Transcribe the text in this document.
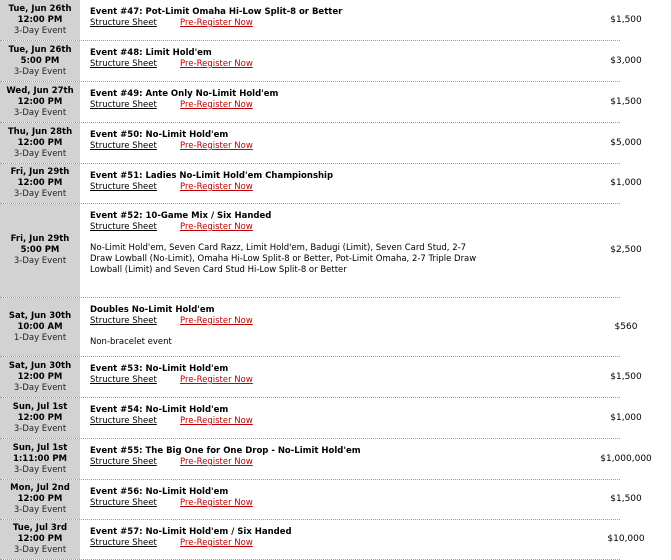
Tue, Jun 26th
12:00 PM
3-Day Event
Event #47: Pot-Limit Omaha Hi-Low Split-8 or Better
Structure Sheet	Pre-Register Now	$1,500
Tue, Jun 26th
5:00 PM
3-Day Event
Event #48: Limit Hold'em
Structure Sheet	Pre-Register Now	$3,000
Wed, Jun 27th
12:00 PM
3-Day Event
Event #49: Ante Only No-Limit Hold'em
Structure Sheet	Pre-Register Now	$1,500
Thu, Jun 28th
12:00 PM
3-Day Event
Event #50: No-Limit Hold'em
Structure Sheet	Pre-Register Now	$5,000
Fri, Jun 29th
12:00 PM
3-Day Event
Event #51: Ladies No-Limit Hold'em Championship
Structure Sheet	Pre-Register Now	$1,000
Fri, Jun 29th
5:00 PM
3-Day Event
Event #52: 10-Game Mix / Six Handed
Structure Sheet	Pre-Register Now
No-Limit Hold'em, Seven Card Razz, Limit Hold'em, Badugi (Limit), Seven Card Stud, 2-7 Draw Lowball (No-Limit), Omaha Hi-Low Split-8 or Better, Pot-Limit Omaha, 2-7 Triple Draw Lowball (Limit) and Seven Card Stud Hi-Low Split-8 or Better
$2,500
Sat, Jun 30th
10:00 AM
1-Day Event
Doubles No-Limit Hold'em
Structure Sheet	Pre-Register Now
Non-bracelet event
$560
Sat, Jun 30th
12:00 PM
3-Day Event
Event #53: No-Limit Hold'em
Structure Sheet	Pre-Register Now	$1,500
Sun, Jul 1st
12:00 PM
3-Day Event
Event #54: No-Limit Hold'em
Structure Sheet	Pre-Register Now	$1,000
Sun, Jul 1st
1:11:00 PM
3-Day Event
Event #55: The Big One for One Drop - No-Limit Hold'em
Structure Sheet	Pre-Register Now	$1,000,000
Mon, Jul 2nd
12:00 PM
3-Day Event
Event #56: No-Limit Hold'em
Structure Sheet	Pre-Register Now	$1,500
Tue, Jul 3rd
12:00 PM
3-Day Event
Event #57: No-Limit Hold'em / Six Handed
Structure Sheet	Pre-Register Now	$10,000
